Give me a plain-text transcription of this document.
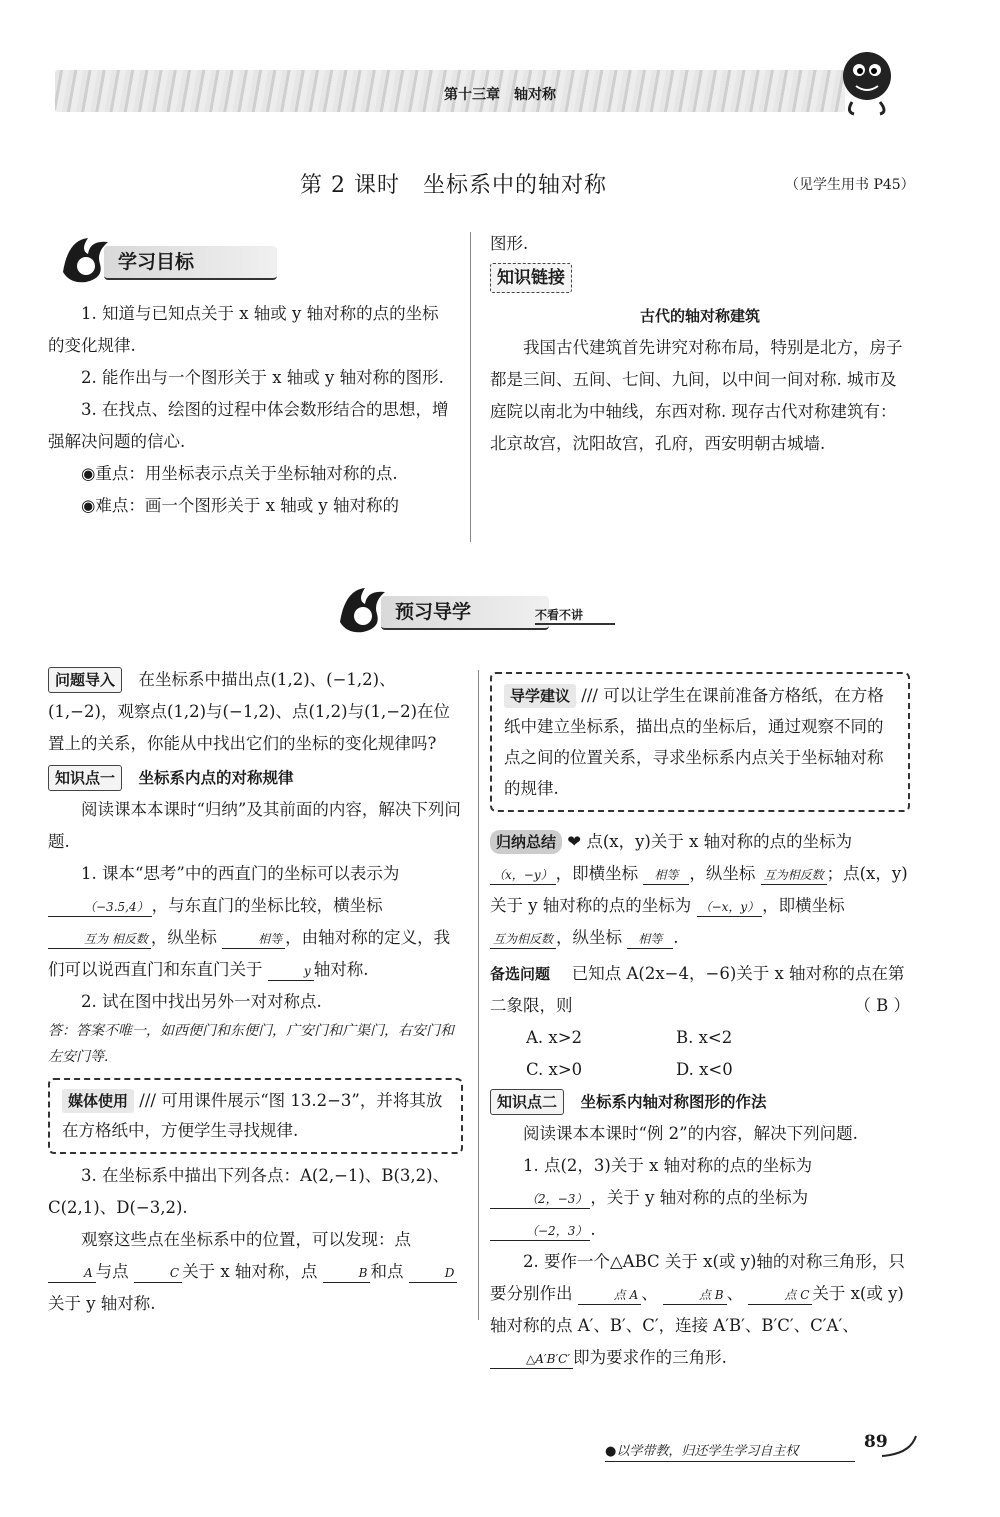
第十三章　轴对称
第 2 课时　坐标系中的轴对称	（见学生用书 P45）
学习目标

1. 知道与已知点关于 x 轴或 y 轴对称的点的坐标的变化规律.

2. 能作出与一个图形关于 x 轴或 y 轴对称的图形.

3. 在找点、绘图的过程中体会数形结合的思想，增强解决问题的信心.

◉重点：用坐标表示点关于坐标轴对称的点.

◉难点：画一个图形关于 x 轴或 y 轴对称的

图形.

知识链接
古代的轴对称建筑

我国古代建筑首先讲究对称布局，特别是北方，房子都是三间、五间、七间、九间，以中间一间对称. 城市及庭院以南北为中轴线，东西对称. 现存古代对称建筑有：北京故宫，沈阳故宫，孔府，西安明朝古城墙.

预习导学	不看不讲

问题导入　 在坐标系中描出点(1,2)、(−1,2)、(1,−2)，观察点(1,2)与(−1,2)、点(1,2)与(1,−2)在位置上的关系，你能从中找出它们的坐标的变化规律吗?

知识点一　 坐标系内点的对称规律

阅读课本本课时“归纳”及其前面的内容，解决下列问题.

1. 课本“思考”中的西直门的坐标可以表示为 （−3.5,4） ，与东直门的坐标比较，横坐标 互为 相反数 ，纵坐标	相等 ，由轴对称的定义，我们可以说西直门和东直门关于	y 轴对称.

2. 试在图中找出另外一对对称点.

答：答案不唯一，如西便门和东便门，广安门和广渠门，右安门和左安门等.

媒体使用 /// 可用课件展示“图 13.2−3”，并将其放在方格纸中，方便学生寻找规律.

3. 在坐标系中描出下列各点：A(2,−1)、B(3,2)、C(2,1)、D(−3,2).

观察这些点在坐标系中的位置，可以发现：点 A 与点	C 关于 x 轴对称，点	B 和点	D关于 y 轴对称.

导学建议 /// 可以让学生在课前准备方格纸，在方格纸中建立坐标系，描出点的坐标后，通过观察不同的点之间的位置关系，寻求坐标系内点关于坐标轴对称的规律.

归纳总结 ❤ 点(x，y)关于 x 轴对称的点的坐标为 （x，−y） ，即横坐标 相等 ，纵坐标 互为相反数 ；点(x，y)关于 y 轴对称的点的坐标为 （−x，y） ，即横坐标 互为相反数 ，纵坐标 相等 .

备选问题　 已知点 A(2x−4，−6)关于 x 轴对称的点在第二象限，则	（ B ）

A. x>2	B. x<2
C. x>0	D. x<0

知识点二　 坐标系内轴对称图形的作法

阅读课本本课时“例 2”的内容，解决下列问题.

1. 点(2，3)关于 x 轴对称的点的坐标为 （2，−3） ，关于 y 轴对称的点的坐标为 （−2，3） .

2. 要作一个△ABC 关于 x(或 y)轴的对称三角形，只要分别作出	点 A 、	点 B 、	点 C 关于 x(或 y)轴对称的点 A′、B′、C′，连接 A′B′、B′C′、C′A′、 △A′B′C′ 即为要求作的三角形.

●以学带教，归还学生学习自主权	89
